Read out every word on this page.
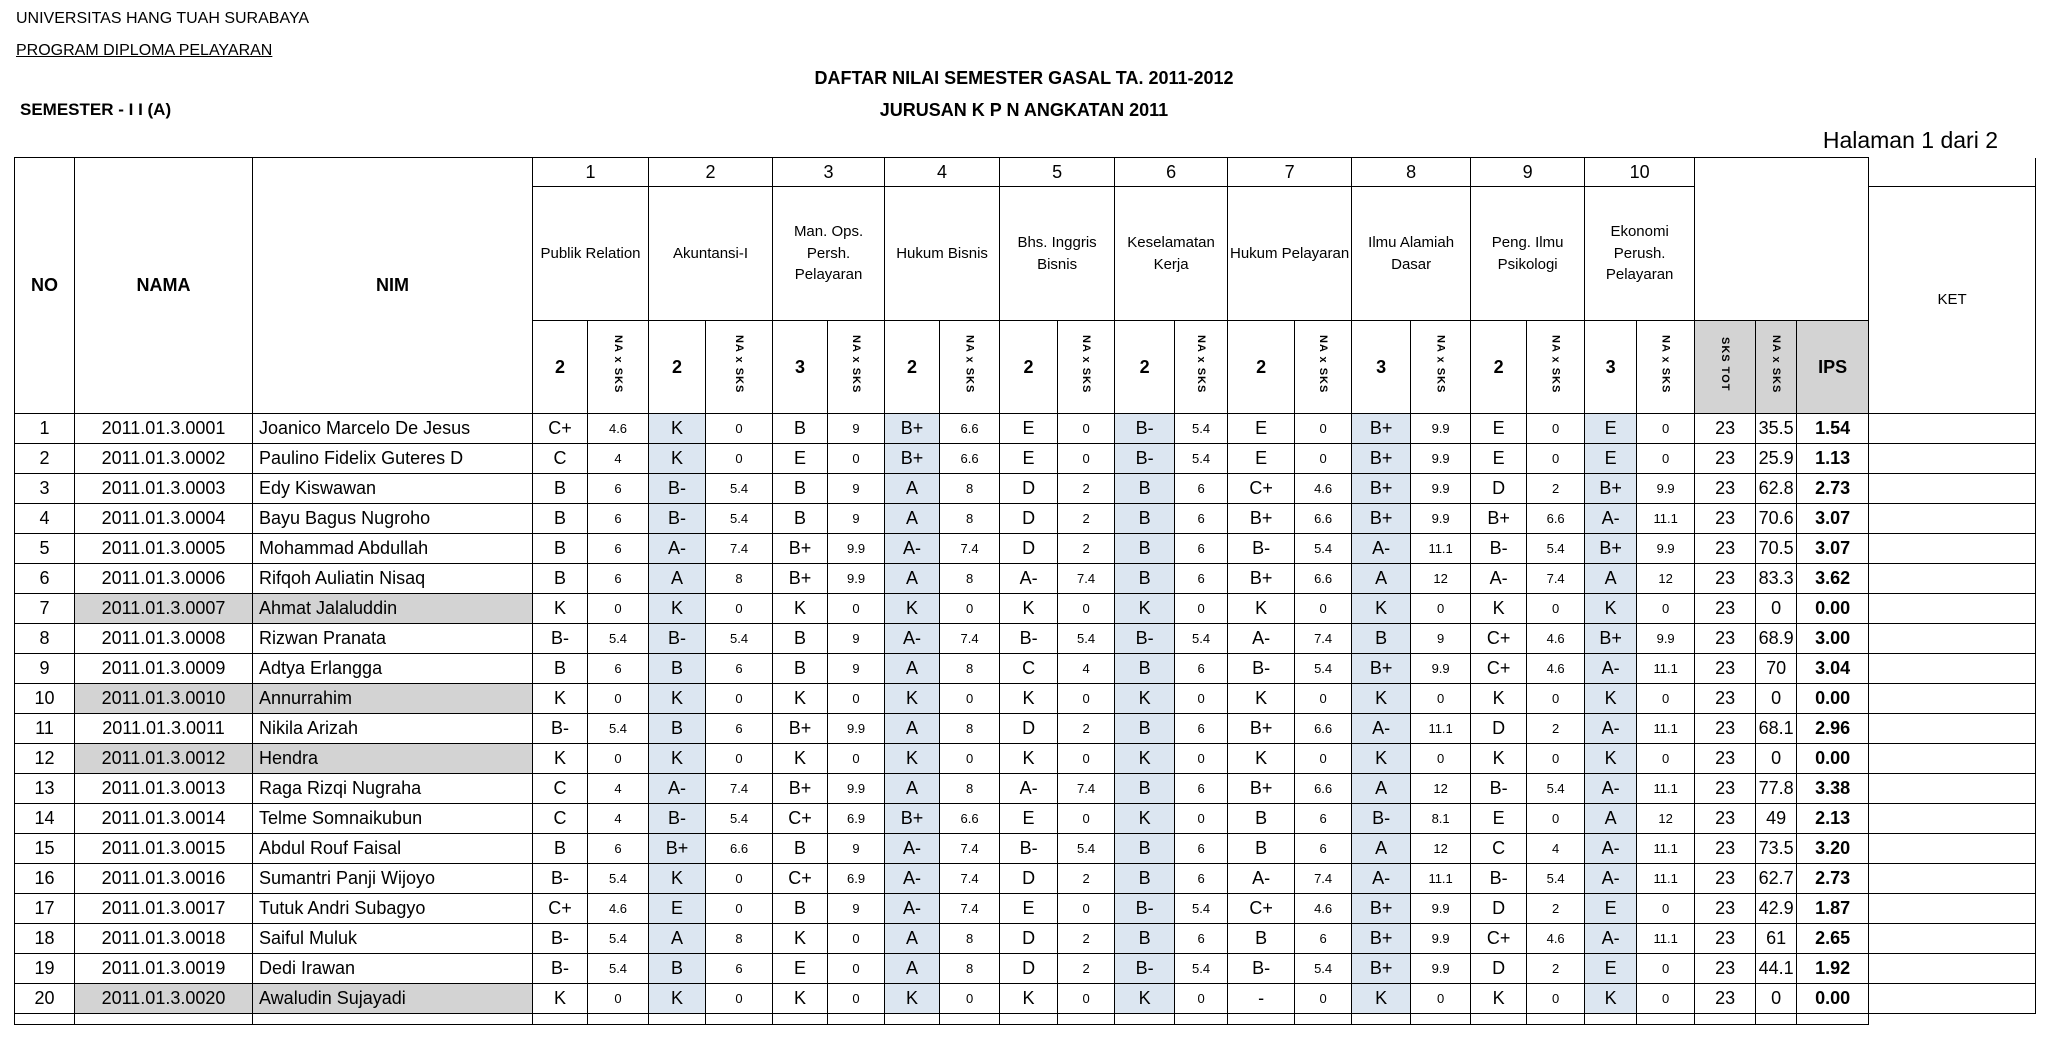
UNIVERSITAS HANG TUAH SURABAYA
PROGRAM DIPLOMA PELAYARAN
DAFTAR NILAI SEMESTER GASAL TA. 2011-2012
JURUSAN K P N ANGKATAN 2011
SEMESTER - I I (A)
Halaman 1 dari 2
NO	NAMA	NIM	1		2		3		4		5		6		7		8		9		10					
			Publik Relation		Akuntansi-I		Man. Ops. Persh. Pelayaran		Hukum Bisnis		Bhs. Inggris Bisnis		Keselamatan Kerja		Hukum Pelayaran		Ilmu Alamiah Dasar		Peng. Ilmu Psikologi		Ekonomi Perush. Pelayaran					KET
			2	NA x SKS	2	NA x SKS	3	NA x SKS	2	NA x SKS	2	NA x SKS	2	NA x SKS	2	NA x SKS	3	NA x SKS	2	NA x SKS	3	NA x SKS	SKS TOT	NA x SKS	IPS	
1	2011.01.3.0001	Joanico Marcelo De Jesus	C+	4.6	K	0	B	9	B+	6.6	E	0	B-	5.4	E	0	B+	9.9	E	0	E	0	23	35.5	1.54	
2	2011.01.3.0002	Paulino Fidelix Guteres D	C	4	K	0	E	0	B+	6.6	E	0	B-	5.4	E	0	B+	9.9	E	0	E	0	23	25.9	1.13	
3	2011.01.3.0003	Edy Kiswawan	B	6	B-	5.4	B	9	A	8	D	2	B	6	C+	4.6	B+	9.9	D	2	B+	9.9	23	62.8	2.73	
4	2011.01.3.0004	Bayu Bagus Nugroho	B	6	B-	5.4	B	9	A	8	D	2	B	6	B+	6.6	B+	9.9	B+	6.6	A-	11.1	23	70.6	3.07	
5	2011.01.3.0005	Mohammad Abdullah	B	6	A-	7.4	B+	9.9	A-	7.4	D	2	B	6	B-	5.4	A-	11.1	B-	5.4	B+	9.9	23	70.5	3.07	
6	2011.01.3.0006	Rifqoh Auliatin Nisaq	B	6	A	8	B+	9.9	A	8	A-	7.4	B	6	B+	6.6	A	12	A-	7.4	A	12	23	83.3	3.62	
7	2011.01.3.0007	Ahmat Jalaluddin	K	0	K	0	K	0	K	0	K	0	K	0	K	0	K	0	K	0	K	0	23	0	0.00	
8	2011.01.3.0008	Rizwan Pranata	B-	5.4	B-	5.4	B	9	A-	7.4	B-	5.4	B-	5.4	A-	7.4	B	9	C+	4.6	B+	9.9	23	68.9	3.00	
9	2011.01.3.0009	Adtya Erlangga	B	6	B	6	B	9	A	8	C	4	B	6	B-	5.4	B+	9.9	C+	4.6	A-	11.1	23	70	3.04	
10	2011.01.3.0010	Annurrahim	K	0	K	0	K	0	K	0	K	0	K	0	K	0	K	0	K	0	K	0	23	0	0.00	
11	2011.01.3.0011	Nikila Arizah	B-	5.4	B	6	B+	9.9	A	8	D	2	B	6	B+	6.6	A-	11.1	D	2	A-	11.1	23	68.1	2.96	
12	2011.01.3.0012	Hendra	K	0	K	0	K	0	K	0	K	0	K	0	K	0	K	0	K	0	K	0	23	0	0.00	
13	2011.01.3.0013	Raga Rizqi Nugraha	C	4	A-	7.4	B+	9.9	A	8	A-	7.4	B	6	B+	6.6	A	12	B-	5.4	A-	11.1	23	77.8	3.38	
14	2011.01.3.0014	Telme Somnaikubun	C	4	B-	5.4	C+	6.9	B+	6.6	E	0	K	0	B	6	B-	8.1	E	0	A	12	23	49	2.13	
15	2011.01.3.0015	Abdul Rouf Faisal	B	6	B+	6.6	B	9	A-	7.4	B-	5.4	B	6	B	6	A	12	C	4	A-	11.1	23	73.5	3.20	
16	2011.01.3.0016	Sumantri Panji Wijoyo	B-	5.4	K	0	C+	6.9	A-	7.4	D	2	B	6	A-	7.4	A-	11.1	B-	5.4	A-	11.1	23	62.7	2.73	
17	2011.01.3.0017	Tutuk Andri Subagyo	C+	4.6	E	0	B	9	A-	7.4	E	0	B-	5.4	C+	4.6	B+	9.9	D	2	E	0	23	42.9	1.87	
18	2011.01.3.0018	Saiful Muluk	B-	5.4	A	8	K	0	A	8	D	2	B	6	B	6	B+	9.9	C+	4.6	A-	11.1	23	61	2.65	
19	2011.01.3.0019	Dedi Irawan	B-	5.4	B	6	E	0	A	8	D	2	B-	5.4	B-	5.4	B+	9.9	D	2	E	0	23	44.1	1.92	
20	2011.01.3.0020	Awaludin Sujayadi	K	0	K	0	K	0	K	0	K	0	K	0	-	0	K	0	K	0	K	0	23	0	0.00	
